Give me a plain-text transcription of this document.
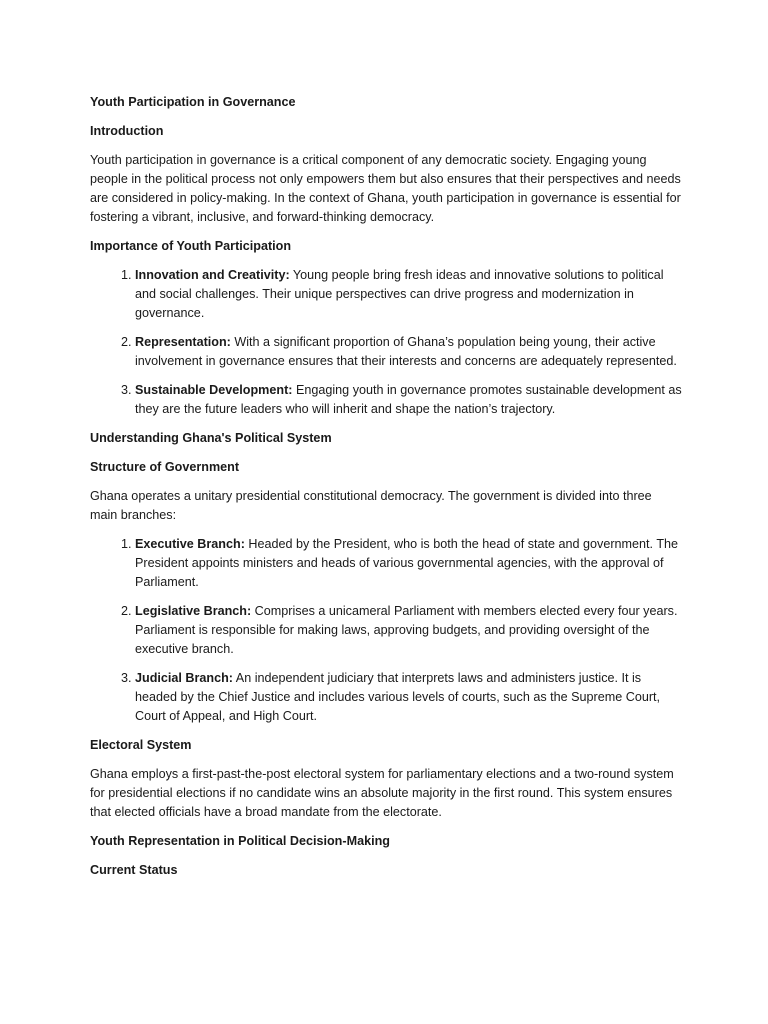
Youth Participation in Governance

Introduction

Youth participation in governance is a critical component of any democratic society. Engaging young people in the political process not only empowers them but also ensures that their perspectives and needs are considered in policy-making. In the context of Ghana, youth participation in governance is essential for fostering a vibrant, inclusive, and forward-thinking democracy.

Importance of Youth Participation

1. Innovation and Creativity: Young people bring fresh ideas and innovative solutions to political and social challenges. Their unique perspectives can drive progress and modernization in governance.
2. Representation: With a significant proportion of Ghana’s population being young, their active involvement in governance ensures that their interests and concerns are adequately represented.
3. Sustainable Development: Engaging youth in governance promotes sustainable development as they are the future leaders who will inherit and shape the nation’s trajectory.

Understanding Ghana's Political System

Structure of Government

Ghana operates a unitary presidential constitutional democracy. The government is divided into three main branches:

1. Executive Branch: Headed by the President, who is both the head of state and government. The President appoints ministers and heads of various governmental agencies, with the approval of Parliament.
2. Legislative Branch: Comprises a unicameral Parliament with members elected every four years. Parliament is responsible for making laws, approving budgets, and providing oversight of the executive branch.
3. Judicial Branch: An independent judiciary that interprets laws and administers justice. It is headed by the Chief Justice and includes various levels of courts, such as the Supreme Court, Court of Appeal, and High Court.

Electoral System

Ghana employs a first-past-the-post electoral system for parliamentary elections and a two-round system for presidential elections if no candidate wins an absolute majority in the first round. This system ensures that elected officials have a broad mandate from the electorate.

Youth Representation in Political Decision-Making

Current Status
